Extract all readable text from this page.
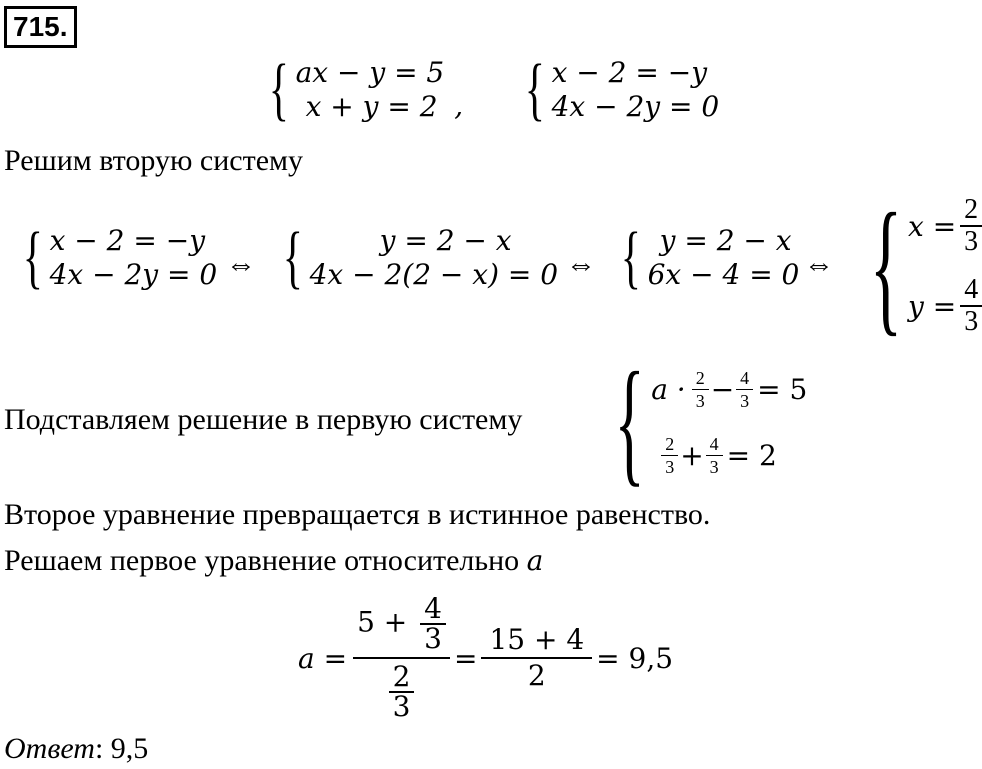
715.
{ ax − y = 5
x + y = 2 , { x − 2 = −y
4x − 2y = 0
Решим вторую систему
{ x − 2 = −y
4x − 2y = 0 ⇔ {	y = 2 − x
4x − 2(2 − x) = 0 ⇔ { y = 2 − x
6x − 4 = 0 ⇔ { $x = \frac{2}{3}$
$y = \frac{4}{3}$
Подставляем решение в первую систему { $a \cdot \frac{2}{3} - \frac{4}{3} = 5$
$\frac{2}{3} + \frac{4}{3} = 2$
Второе уравнение превращается в истинное равенство.
Решаем первое уравнение относительно a
$a = \frac{5 + \frac{4}{3}}{\frac{2}{3}} = \frac{15 + 4}{2} = 9,5$
Ответ: 9,5
